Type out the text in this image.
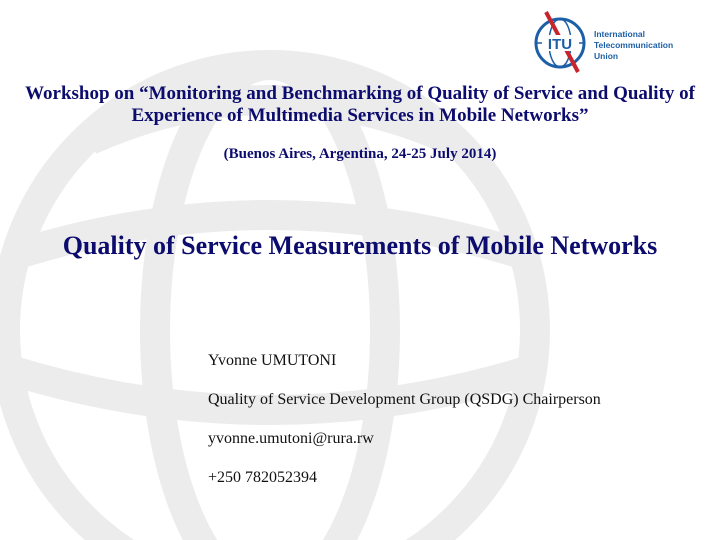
ITU
International
Telecommunication
Union
Workshop on “Monitoring and Benchmarking of Quality of Service and Quality of Experience of Multimedia Services in Mobile Networks”
(Buenos Aires, Argentina, 24-25 July 2014)
Quality of Service Measurements of Mobile Networks
Yvonne UMUTONI
Quality of Service Development Group (QSDG) Chairperson
yvonne.umutoni@rura.rw
+250 782052394
